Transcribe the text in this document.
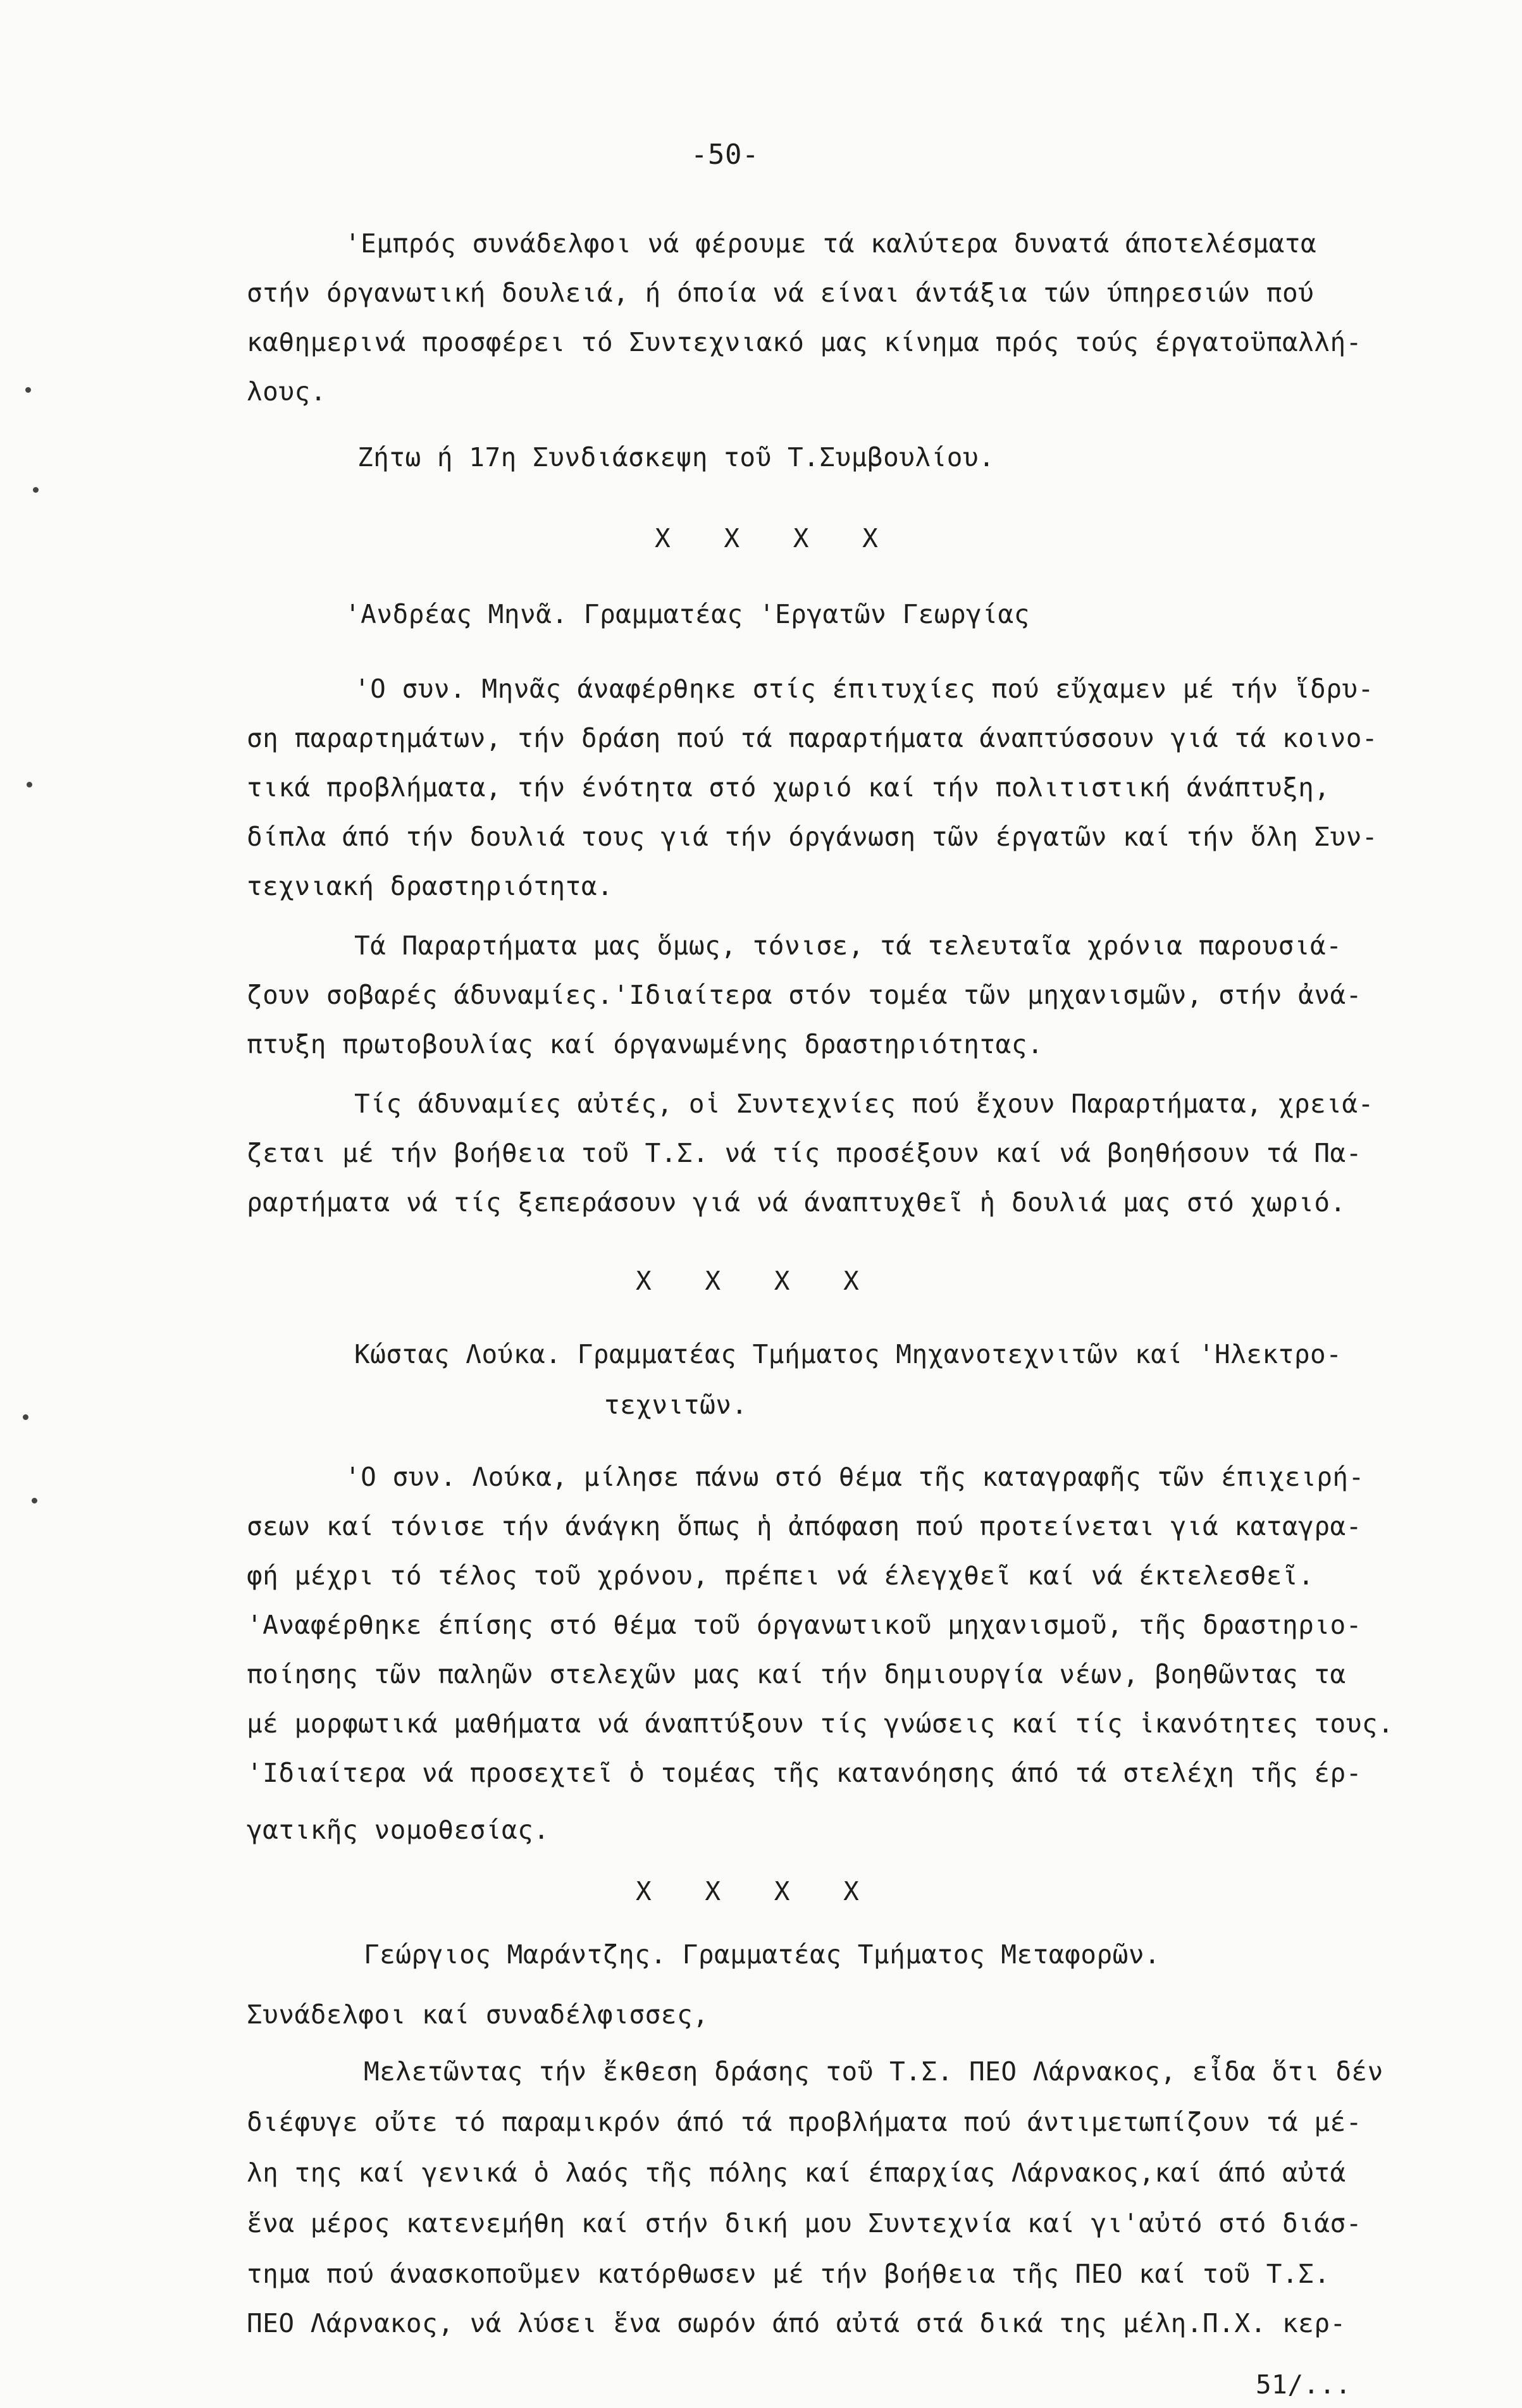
-50-
'Εμπρός συνάδελφοι νά φέρουμε τά καλύτερα δυνατά άποτελέσματα
στήν όργανωτική δουλειά, ή όποία νά είναι άντάξια τών ύπηρεσιών πού
καθημερινά προσφέρει τό Συντεχνιακό μας κίνημα πρός τούς έργατοϋπαλλή-
λους.
Ζήτω ή 17η Συνδιάσκεψη τοῦ Τ.Συμβουλίου.
X X X X
'Ανδρέας Μηνᾶ. Γραμματέας 'Εργατῶν Γεωργίας
'Ο συν. Μηνᾶς άναφέρθηκε στίς έπιτυχίες πού εὔχαμεν μέ τήν ἵδρυ-
ση παραρτημάτων, τήν δράση πού τά παραρτήματα άναπτύσσουν γιά τά κοινο-
τικά προβλήματα, τήν ένότητα στό χωριό καί τήν πολιτιστική άνάπτυξη,
δίπλα άπό τήν δουλιά τους γιά τήν όργάνωση τῶν έργατῶν καί τήν ὅλη Συν-
τεχνιακή δραστηριότητα.
Τά Παραρτήματα μας ὅμως, τόνισε, τά τελευταῖα χρόνια παρουσιά-
ζουν σοβαρές άδυναμίες.'Ιδιαίτερα στόν τομέα τῶν μηχανισμῶν, στήν ἀνά-
πτυξη πρωτοβουλίας καί όργανωμένης δραστηριότητας.
Τίς άδυναμίες αὐτές, οἱ Συντεχνίες πού ἔχουν Παραρτήματα, χρειά-
ζεται μέ τήν βοήθεια τοῦ Τ.Σ. νά τίς προσέξουν καί νά βοηθήσουν τά Πα-
ραρτήματα νά τίς ξεπεράσουν γιά νά άναπτυχθεῖ ἡ δουλιά μας στό χωριό.
X X X X
Κώστας Λούκα. Γραμματέας Τμήματος Μηχανοτεχνιτῶν καί 'Ηλεκτρο-
τεχνιτῶν.
'Ο συν. Λούκα, μίλησε πάνω στό θέμα τῆς καταγραφῆς τῶν έπιχειρή-
σεων καί τόνισε τήν άνάγκη ὅπως ἡ ἀπόφαση πού προτείνεται γιά καταγρα-
φή μέχρι τό τέλος τοῦ χρόνου, πρέπει νά έλεγχθεῖ καί νά έκτελεσθεῖ.
'Αναφέρθηκε έπίσης στό θέμα τοῦ όργανωτικοῦ μηχανισμοῦ, τῆς δραστηριο-
ποίησης τῶν παληῶν στελεχῶν μας καί τήν δημιουργία νέων, βοηθῶντας τα
μέ μορφωτικά μαθήματα νά άναπτύξουν τίς γνώσεις καί τίς ἱκανότητες τους.
'Ιδιαίτερα νά προσεχτεῖ ὁ τομέας τῆς κατανόησης άπό τά στελέχη τῆς έρ-
γατικῆς νομοθεσίας.
X X X X
Γεώργιος Μαράντζης. Γραμματέας Τμήματος Μεταφορῶν.
Συνάδελφοι καί συναδέλφισσες,
Μελετῶντας τήν ἔκθεση δράσης τοῦ Τ.Σ. ΠΕΟ Λάρνακος, εἶδα ὅτι δέν
διέφυγε οὔτε τό παραμικρόν άπό τά προβλήματα πού άντιμετωπίζουν τά μέ-
λη της καί γενικά ὁ λαός τῆς πόλης καί έπαρχίας Λάρνακος,καί άπό αὐτά
ἕνα μέρος κατενεμήθη καί στήν δική μου Συντεχνία καί γι'αὐτό στό διάσ-
τημα πού άνασκοποῦμεν κατόρθωσεν μέ τήν βοήθεια τῆς ΠΕΟ καί τοῦ Τ.Σ.
ΠΕΟ Λάρνακος, νά λύσει ἕνα σωρόν άπό αὐτά στά δικά της μέλη.Π.Χ. κερ-
51/...
